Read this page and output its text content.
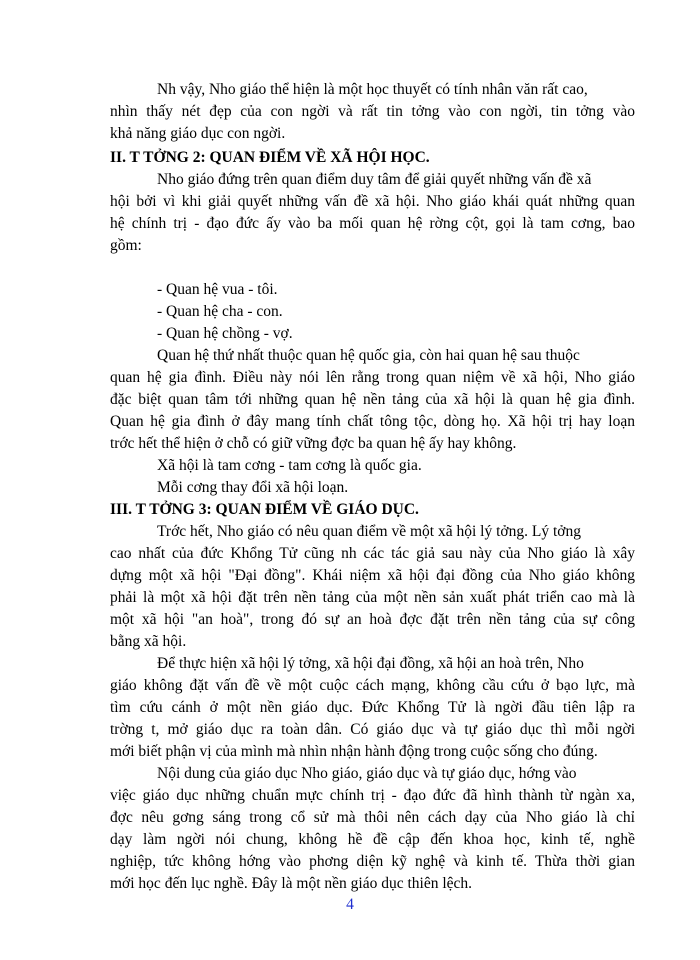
Nh vậy, Nho giáo thể hiện là một học thuyết có tính nhân văn rất cao,
nhìn thấy nét đẹp của con ngời và rất tin tởng vào con ngời, tin tởng vào
khả năng giáo dục con ngời.
II. T TỞNG 2: QUAN ĐIỂM VỀ XÃ HỘI HỌC.
Nho giáo đứng trên quan điểm duy tâm để giải quyết những vấn đề xã
hội bởi vì khi giải quyết những vấn đề xã hội. Nho giáo khái quát những quan
hệ chính trị - đạo đức ấy vào ba mối quan hệ rờng cột, gọi là tam cơng, bao
gồm:
- Quan hệ vua - tôi.
- Quan hệ cha - con.
- Quan hệ chồng - vợ.
Quan hệ thứ nhất thuộc quan hệ quốc gia, còn hai quan hệ sau thuộc
quan hệ gia đình. Điều này nói lên rằng trong quan niệm về xã hội, Nho giáo
đặc biệt quan tâm tới những quan hệ nền tảng của xã hội là quan hệ gia đình.
Quan hệ gia đình ở đây mang tính chất tông tộc, dòng họ. Xã hội trị hay loạn
trớc hết thể hiện ở chỗ có giữ vững đợc ba quan hệ ấy hay không.
Xã hội là tam cơng - tam cơng là quốc gia.
Mỗi cơng thay đổi xã hội loạn.
III. T TỞNG 3: QUAN ĐIỂM VỀ GIÁO DỤC.
Trớc hết, Nho giáo có nêu quan điểm về một xã hội lý tởng. Lý tởng
cao nhất của đức Khổng Tử cũng nh các tác giả sau này của Nho giáo là xây
dựng một xã hội "Đại đồng". Khái niệm xã hội đại đồng của Nho giáo không
phải là một xã hội đặt trên nền tảng của một nền sản xuất phát triển cao mà là
một xã hội "an hoà", trong đó sự an hoà đợc đặt trên nền tảng của sự công
bằng xã hội.
Để thực hiện xã hội lý tởng, xã hội đại đồng, xã hội an hoà trên, Nho
giáo không đặt vấn đề về một cuộc cách mạng, không cầu cứu ở bạo lực, mà
tìm cứu cánh ở một nền giáo dục. Đức Khổng Tử là ngời đầu tiên lập ra
trờng t, mở giáo dục ra toàn dân. Có giáo dục và tự giáo dục thì mỗi ngời
mới biết phận vị của mình mà nhìn nhận hành động trong cuộc sống cho đúng.
Nội dung của giáo dục Nho giáo, giáo dục và tự giáo dục, hớng vào
việc giáo dục những chuẩn mực chính trị - đạo đức đã hình thành từ ngàn xa,
đợc nêu gơng sáng trong cổ sử mà thôi nên cách dạy của Nho giáo là chỉ
dạy làm ngời nói chung, không hề đề cập đến khoa học, kinh tế, nghề
nghiệp, tức không hớng vào phơng diện kỹ nghệ và kinh tế. Thừa thời gian
mới học đến lục nghề. Đây là một nền giáo dục thiên lệch.
4
